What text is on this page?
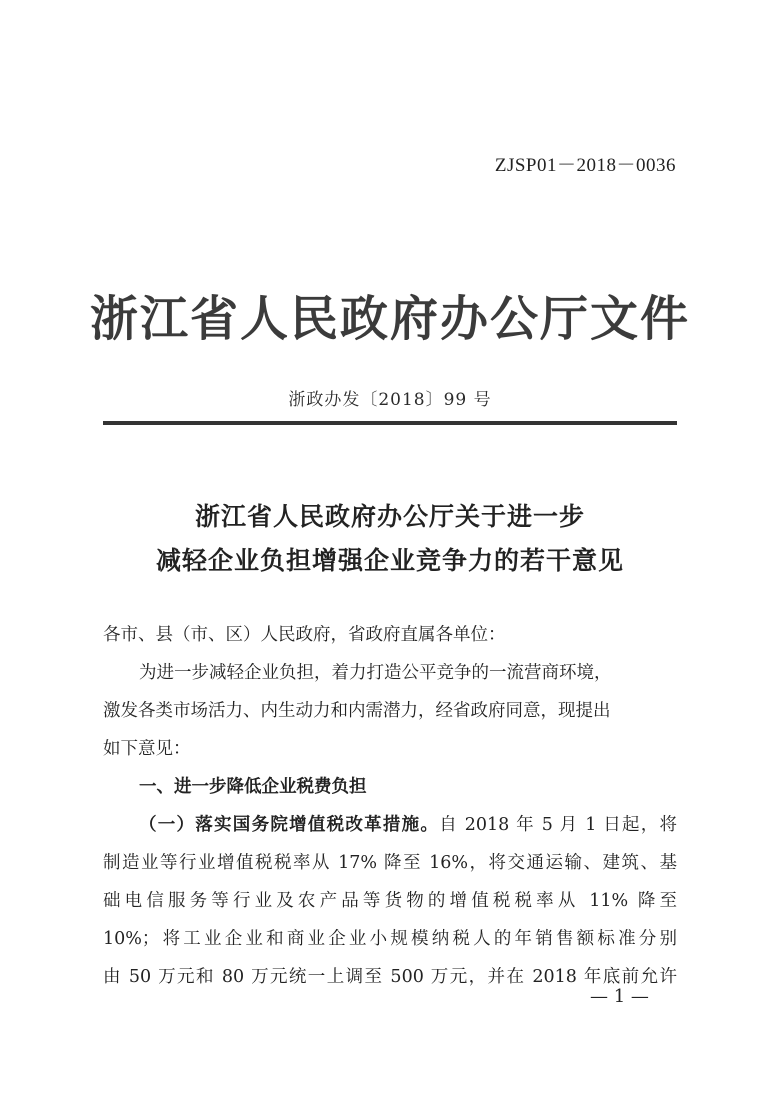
ZJSP01－2018－0036
浙江省人民政府办公厅文件
浙政办发〔2018〕99 号
浙江省人民政府办公厅关于进一步
减轻企业负担增强企业竞争力的若干意见
各市、县（市、区）人民政府，省政府直属各单位：
为进一步减轻企业负担，着力打造公平竞争的一流营商环境，
激发各类市场活力、内生动力和内需潜力，经省政府同意，现提出
如下意见：
一、进一步降低企业税费负担
（一）落实国务院增值税改革措施。自 2018 年 5 月 1 日起，将
制造业等行业增值税税率从 17% 降至 16%，将交通运输、建筑、基
础电信服务等行业及农产品等货物的增值税税率从 11% 降至
10%；将工业企业和商业企业小规模纳税人的年销售额标准分别
由 50 万元和 80 万元统一上调至 500 万元，并在 2018 年底前允许
— 1 —
